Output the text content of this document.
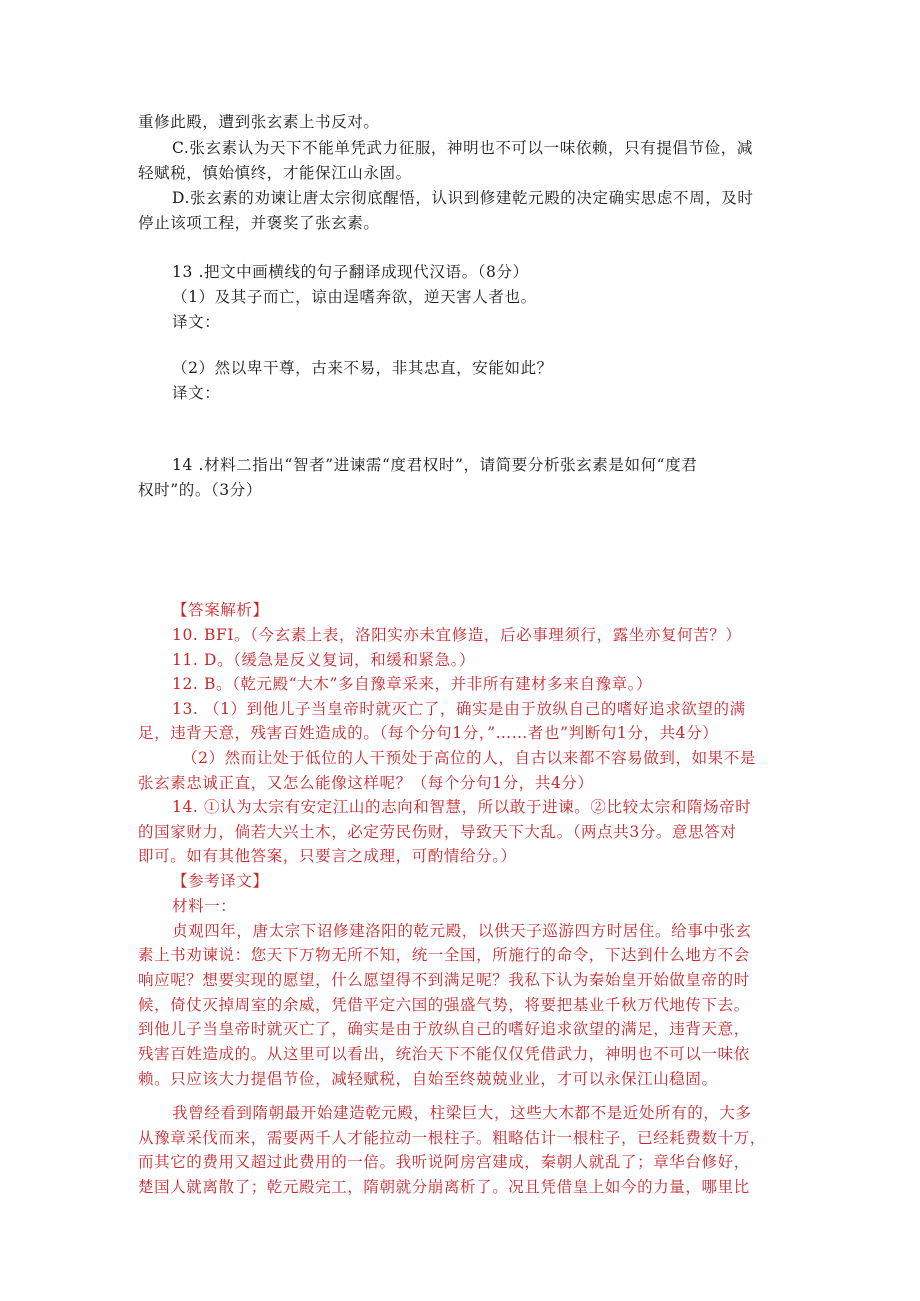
重修此殿，遭到张玄素上书反对。
C.张玄素认为天下不能单凭武力征服，神明也不可以一味依赖，只有提倡节俭，减
轻赋税，慎始慎终，才能保江山永固。
D.张玄素的劝谏让唐太宗彻底醒悟，认识到修建乾元殿的决定确实思虑不周，及时
停止该项工程，并褒奖了张玄素。
13 .把文中画横线的句子翻译成现代汉语。（8分）
（1）及其子而亡，谅由逞嗜奔欲，逆天害人者也。
译文：
（2）然以卑干尊，古来不易，非其忠直，安能如此？
译文：
14 .材料二指出“智者”进谏需“度君权时”，请简要分析张玄素是如何“度君
权时”的。（3分）
【答案解析】
10. BFI。（今玄素上表，洛阳实亦未宜修造，后必事理须行，露坐亦复何苦？）
11. D。（缓急是反义复词，和缓和紧急。）
12. B。（乾元殿“大木”多自豫章采来，并非所有建材多来自豫章。）
13. （1）到他儿子当皇帝时就灭亡了，确实是由于放纵自己的嗜好追求欲望的满
足，违背天意，残害百姓造成的。（每个分句1分，”……者也”判断句1分，共4分）
（2）然而让处于低位的人干预处于高位的人，自古以来都不容易做到，如果不是
张玄素忠诚正直，又怎么能像这样呢？（每个分句1分，共4分）
14. ①认为太宗有安定江山的志向和智慧，所以敢于进谏。②比较太宗和隋炀帝时
的国家财力，倘若大兴土木，必定劳民伤财，导致天下大乱。（两点共3分。意思答对
即可。如有其他答案，只要言之成理，可酌情给分。）
【参考译文】
材料一：
贞观四年，唐太宗下诏修建洛阳的乾元殿，以供天子巡游四方时居住。给事中张玄
素上书劝谏说：您天下万物无所不知，统一全国，所施行的命令，下达到什么地方不会
响应呢？想要实现的愿望，什么愿望得不到满足呢？我私下认为秦始皇开始做皇帝的时
候，倚仗灭掉周室的余威，凭借平定六国的强盛气势，将要把基业千秋万代地传下去。
到他儿子当皇帝时就灭亡了，确实是由于放纵自己的嗜好追求欲望的满足，违背天意，
残害百姓造成的。从这里可以看出，统治天下不能仅仅凭借武力，神明也不可以一味依
赖。只应该大力提倡节俭，减轻赋税，自始至终兢兢业业，才可以永保江山稳固。
我曾经看到隋朝最开始建造乾元殿，柱梁巨大，这些大木都不是近处所有的，大多
从豫章采伐而来，需要两千人才能拉动一根柱子。粗略估计一根柱子，已经耗费数十万，
而其它的费用又超过此费用的一倍。我听说阿房宫建成，秦朝人就乱了；章华台修好，
楚国人就离散了；乾元殿完工，隋朝就分崩离析了。况且凭借皇上如今的力量，哪里比
